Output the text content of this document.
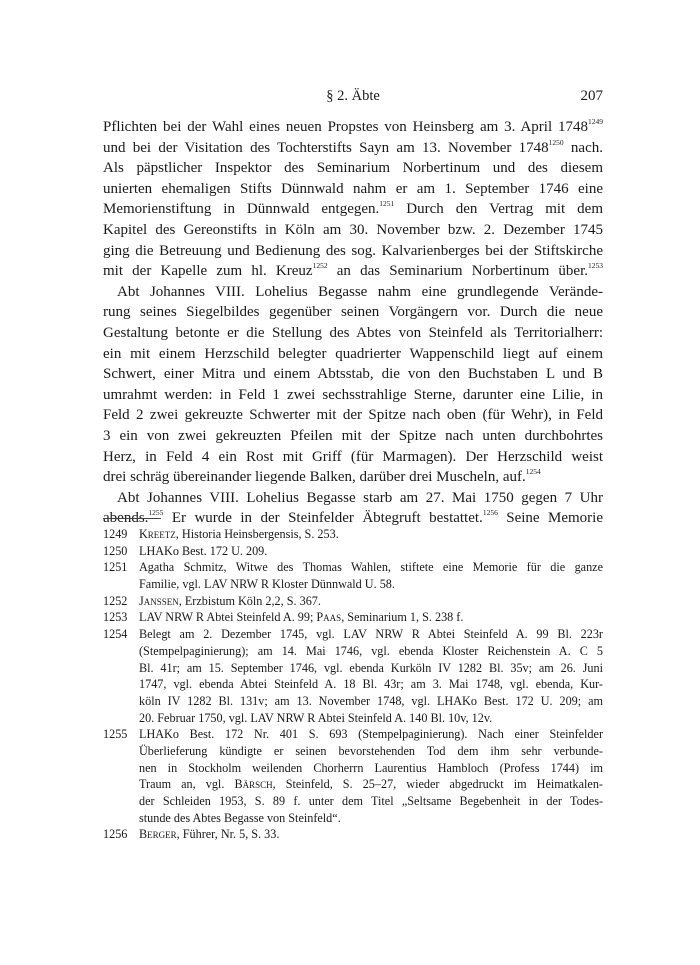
§ 2. Äbte	207
Pflichten bei der Wahl eines neuen Propstes von Heinsberg am 3. April $1748^{1249}$
und bei der Visitation des Tochterstifts Sayn am 13. November $1748^{1250}$ nach.
Als päpstlicher Inspektor des Seminarium Norbertinum und des diesem
unierten ehemaligen Stifts Dünnwald nahm er am 1. September 1746 eine
Memorienstiftung in Dünnwald entgegen.$^{1251}$ Durch den Vertrag mit dem
Kapitel des Gereonstifts in Köln am 30. November bzw. 2. Dezember 1745
ging die Betreuung und Bedienung des sog. Kalvarienberges bei der Stiftskirche
mit der Kapelle zum hl. Kreuz$^{1252}$ an das Seminarium Norbertinum über.$^{1253}$
Abt Johannes VIII. Lohelius Begasse nahm eine grundlegende Verände-
rung seines Siegelbildes gegenüber seinen Vorgängern vor. Durch die neue
Gestaltung betonte er die Stellung des Abtes von Steinfeld als Territorialherr:
ein mit einem Herzschild belegter quadrierter Wappenschild liegt auf einem
Schwert, einer Mitra und einem Abtsstab, die von den Buchstaben L und B
umrahmt werden: in Feld 1 zwei sechsstrahlige Sterne, darunter eine Lilie, in
Feld 2 zwei gekreuzte Schwerter mit der Spitze nach oben (für Wehr), in Feld
3 ein von zwei gekreuzten Pfeilen mit der Spitze nach unten durchbohrtes
Herz, in Feld 4 ein Rost mit Griff (für Marmagen). Der Herzschild weist
drei schräg übereinander liegende Balken, darüber drei Muscheln, auf.$^{1254}$
Abt Johannes VIII. Lohelius Begasse starb am 27. Mai 1750 gegen 7 Uhr
abends.$^{1255}$ Er wurde in der Steinfelder Äbtegruft bestattet.$^{1256}$ Seine Memorie
1249 Kreetz, Historia Heinsbergensis, S. 253.
1250 LHAKo Best. 172 U. 209.
1251 Agatha Schmitz, Witwe des Thomas Wahlen, stiftete eine Memorie für die ganze
Familie, vgl. LAV NRW R Kloster Dünnwald U. 58.
1252 Janssen, Erzbistum Köln 2,2, S. 367.
1253 LAV NRW R Abtei Steinfeld A. 99; Paas, Seminarium 1, S. 238 f.
1254 Belegt am 2. Dezember 1745, vgl. LAV NRW R Abtei Steinfeld A. 99 Bl. 223r
(Stempelpaginierung); am 14. Mai 1746, vgl. ebenda Kloster Reichenstein A. C 5
Bl. 41r; am 15. September 1746, vgl. ebenda Kurköln IV 1282 Bl. 35v; am 26. Juni
1747, vgl. ebenda Abtei Steinfeld A. 18 Bl. 43r; am 3. Mai 1748, vgl. ebenda, Kur-
köln IV 1282 Bl. 131v; am 13. November 1748, vgl. LHAKo Best. 172 U. 209; am
20. Februar 1750, vgl. LAV NRW R Abtei Steinfeld A. 140 Bl. 10v, 12v.
1255 LHAKo Best. 172 Nr. 401 S. 693 (Stempelpaginierung). Nach einer Steinfelder
Überlieferung kündigte er seinen bevorstehenden Tod dem ihm sehr verbunde-
nen in Stockholm weilenden Chorherrn Laurentius Hambloch (Profess 1744) im
Traum an, vgl. Bärsch, Steinfeld, S. 25–27, wieder abgedruckt im Heimatkalen-
der Schleiden 1953, S. 89 f. unter dem Titel „Seltsame Begebenheit in der Todes-
stunde des Abtes Begasse von Steinfeld“.
1256 Berger, Führer, Nr. 5, S. 33.
